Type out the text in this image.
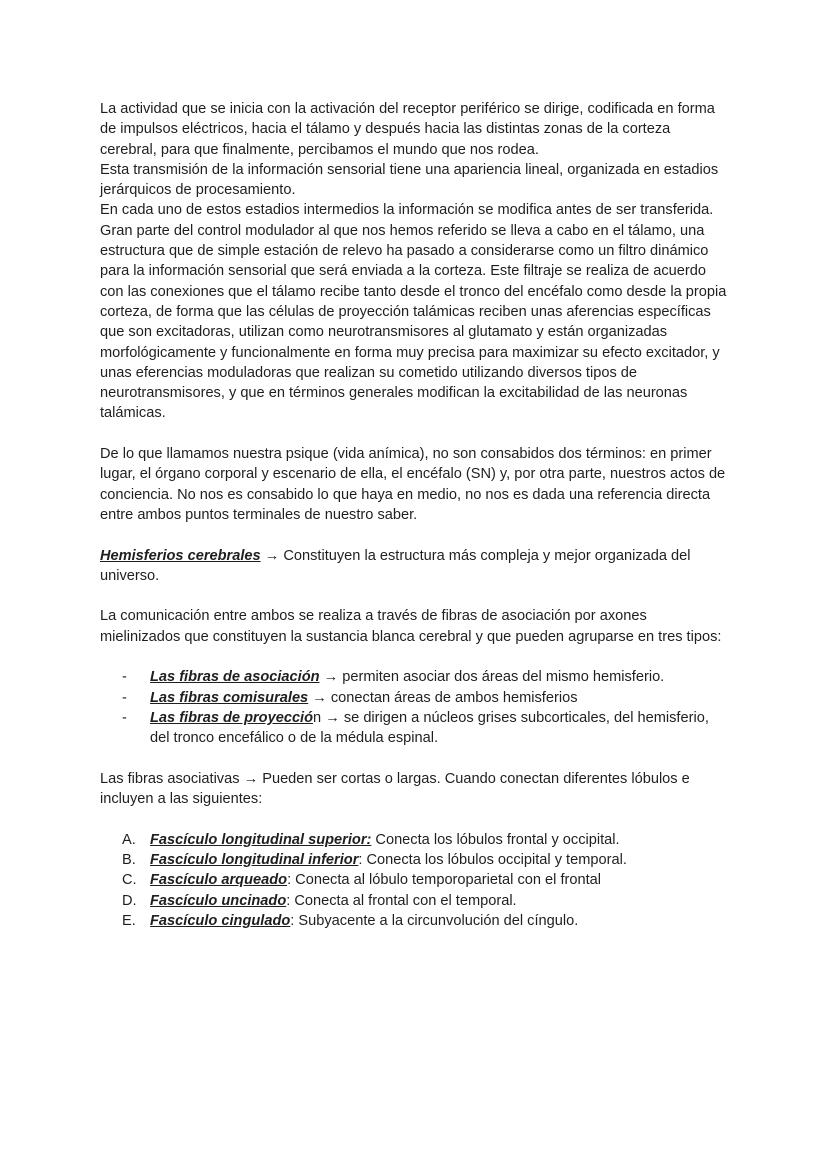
La actividad que se inicia con la activación del receptor periférico se dirige, codificada en forma de impulsos eléctricos, hacia el tálamo y después hacia las distintas zonas de la corteza cerebral, para que finalmente, percibamos el mundo que nos rodea.

Esta transmisión de la información sensorial tiene una apariencia lineal, organizada en estadios jerárquicos de procesamiento.

En cada uno de estos estadios intermedios la información se modifica antes de ser transferida.

Gran parte del control modulador al que nos hemos referido se lleva a cabo en el tálamo, una estructura que de simple estación de relevo ha pasado a considerarse como un filtro dinámico para la información sensorial que será enviada a la corteza. Este filtraje se realiza de acuerdo con las conexiones que el tálamo recibe tanto desde el tronco del encéfalo como desde la propia corteza, de forma que las células de proyección talámicas reciben unas aferencias específicas que son excitadoras, utilizan como neurotransmisores al glutamato y están organizadas morfológicamente y funcionalmente en forma muy precisa para maximizar su efecto excitador, y unas eferencias moduladoras que realizan su cometido utilizando diversos tipos de neurotransmisores, y que en términos generales modifican la excitabilidad de las neuronas talámicas.

De lo que llamamos nuestra psique (vida anímica), no son consabidos dos términos: en primer lugar, el órgano corporal y escenario de ella, el encéfalo (SN) y, por otra parte, nuestros actos de conciencia. No nos es consabido lo que haya en medio, no nos es dada una referencia directa entre ambos puntos terminales de nuestro saber.

Hemisferios cerebrales → Constituyen la estructura más compleja y mejor organizada del universo.

La comunicación entre ambos se realiza a través de fibras de asociación por axones mielinizados que constituyen la sustancia blanca cerebral y que pueden agruparse en tres tipos:

- Las fibras de asociación → permiten asociar dos áreas del mismo hemisferio.
- Las fibras comisurales → conectan áreas de ambos hemisferios
- Las fibras de proyección → se dirigen a núcleos grises subcorticales, del hemisferio, del tronco encefálico o de la médula espinal.

Las fibras asociativas → Pueden ser cortas o largas. Cuando conectan diferentes lóbulos e incluyen a las siguientes:

A. Fascículo longitudinal superior: Conecta los lóbulos frontal y occipital.
B. Fascículo longitudinal inferior: Conecta los lóbulos occipital y temporal.
C. Fascículo arqueado: Conecta al lóbulo temporoparietal con el frontal
D. Fascículo uncinado: Conecta al frontal con el temporal.
E. Fascículo cingulado: Subyacente a la circunvolución del cíngulo.
